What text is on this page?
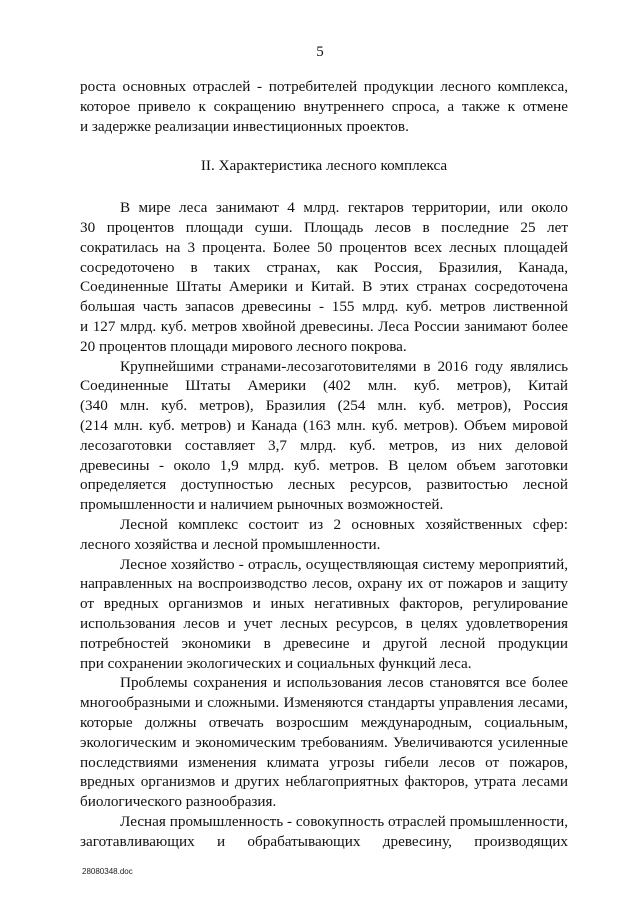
5

роста основных отраслей - потребителей продукции лесного комплекса,

которое привело к сокращению внутреннего спроса, а также к отмене

и задержке реализации инвестиционных проектов.

II. Характеристика лесного комплекса

В мире леса занимают 4 млрд. гектаров территории, или около

30 процентов площади суши. Площадь лесов в последние 25 лет

сократилась на 3 процента. Более 50 процентов всех лесных площадей

сосредоточено в таких странах, как Россия, Бразилия, Канада,

Соединенные Штаты Америки и Китай. В этих странах сосредоточена

большая часть запасов древесины - 155 млрд. куб. метров лиственной

и 127 млрд. куб. метров хвойной древесины. Леса России занимают более

20 процентов площади мирового лесного покрова.

Крупнейшими странами-лесозаготовителями в 2016 году являлись

Соединенные Штаты Америки (402 млн. куб. метров), Китай

(340 млн. куб. метров), Бразилия (254 млн. куб. метров), Россия

(214 млн. куб. метров) и Канада (163 млн. куб. метров). Объем мировой

лесозаготовки составляет 3,7 млрд. куб. метров, из них деловой

древесины - около 1,9 млрд. куб. метров. В целом объем заготовки

определяется доступностью лесных ресурсов, развитостью лесной

промышленности и наличием рыночных возможностей.

Лесной комплекс состоит из 2 основных хозяйственных сфер:

лесного хозяйства и лесной промышленности.

Лесное хозяйство - отрасль, осуществляющая систему мероприятий,

направленных на воспроизводство лесов, охрану их от пожаров и защиту

от вредных организмов и иных негативных факторов, регулирование

использования лесов и учет лесных ресурсов, в целях удовлетворения

потребностей экономики в древесине и другой лесной продукции

при сохранении экологических и социальных функций леса.

Проблемы сохранения и использования лесов становятся все более

многообразными и сложными. Изменяются стандарты управления лесами,

которые должны отвечать возросшим международным, социальным,

экологическим и экономическим требованиям. Увеличиваются усиленные

последствиями изменения климата угрозы гибели лесов от пожаров,

вредных организмов и других неблагоприятных факторов, утрата лесами

биологического разнообразия.

Лесная промышленность - совокупность отраслей промышленности,

заготавливающих и обрабатывающих древесину, производящих

28080348.doc
